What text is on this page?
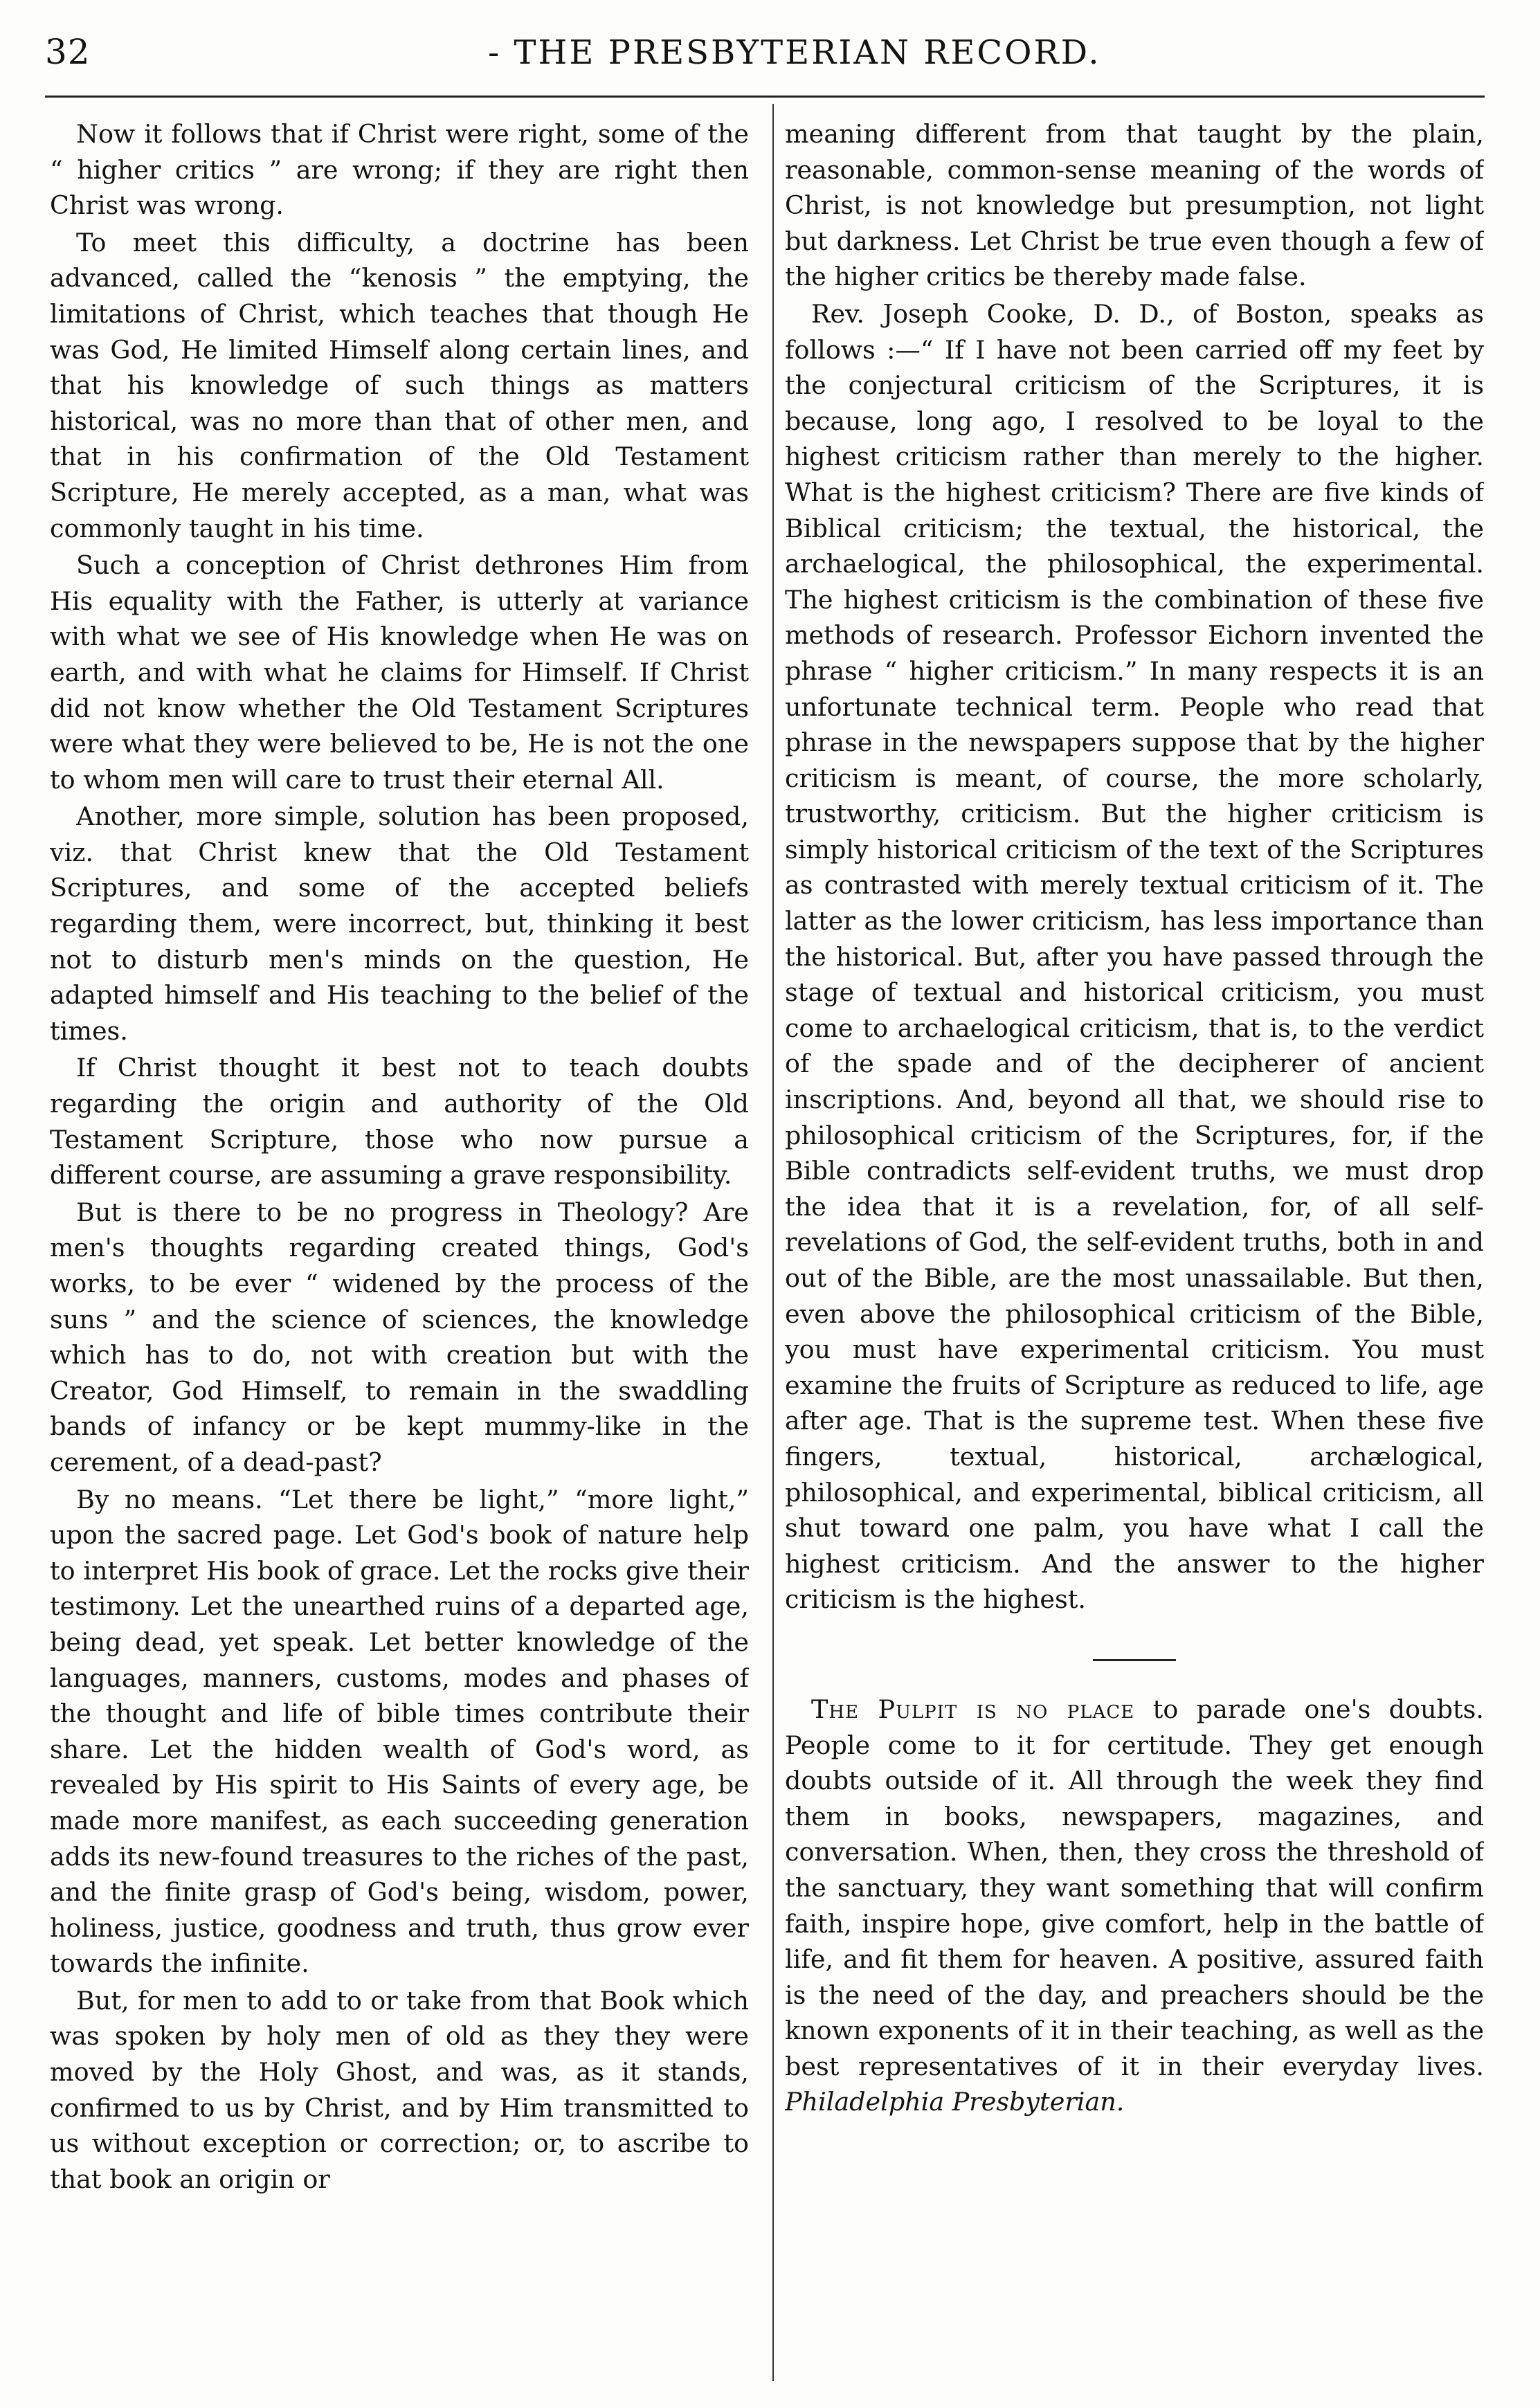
32	- THE PRESBYTERIAN RECORD.

Now it follows that if Christ were right, some of the “ higher critics ” are wrong; if they are right then Christ was wrong.

To meet this difficulty, a doctrine has been advanced, called the “kenosis ” the emptying, the limitations of Christ, which teaches that though He was God, He limited Himself along certain lines, and that his knowledge of such things as matters historical, was no more than that of other men, and that in his confirmation of the Old Testament Scripture, He merely accepted, as a man, what was commonly taught in his time.

Such a conception of Christ dethrones Him from His equality with the Father, is utterly at variance with what we see of His knowledge when He was on earth, and with what he claims for Himself. If Christ did not know whether the Old Testament Scriptures were what they were believed to be, He is not the one to whom men will care to trust their eternal All.

Another, more simple, solution has been proposed, viz. that Christ knew that the Old Testament Scriptures, and some of the accepted beliefs regarding them, were incorrect, but, thinking it best not to disturb men's minds on the question, He adapted himself and His teaching to the belief of the times.

If Christ thought it best not to teach doubts regarding the origin and authority of the Old Testament Scripture, those who now pursue a different course, are assuming a grave responsibility.

But is there to be no progress in Theology? Are men's thoughts regarding created things, God's works, to be ever “ widened by the process of the suns ” and the science of sciences, the knowledge which has to do, not with creation but with the Creator, God Himself, to remain in the swaddling bands of infancy or be kept mummy-like in the cerement, of a dead-past?

By no means. “Let there be light,” “more light,” upon the sacred page. Let God's book of nature help to interpret His book of grace. Let the rocks give their testimony. Let the unearthed ruins of a departed age, being dead, yet speak. Let better knowledge of the languages, manners, customs, modes and phases of the thought and life of bible times contribute their share. Let the hidden wealth of God's word, as revealed by His spirit to His Saints of every age, be made more manifest, as each succeeding generation adds its new-found treasures to the riches of the past, and the finite grasp of God's being, wisdom, power, holiness, justice, goodness and truth, thus grow ever towards the infinite.

But, for men to add to or take from that Book which was spoken by holy men of old as they they were moved by the Holy Ghost, and was, as it stands, confirmed to us by Christ, and by Him transmitted to us without exception or correction; or, to ascribe to that book an origin or

meaning different from that taught by the plain, reasonable, common-sense meaning of the words of Christ, is not knowledge but presumption, not light but darkness. Let Christ be true even though a few of the higher critics be thereby made false.

Rev. Joseph Cooke, D. D., of Boston, speaks as follows :—“ If I have not been carried off my feet by the conjectural criticism of the Scriptures, it is because, long ago, I resolved to be loyal to the highest criticism rather than merely to the higher. What is the highest criticism? There are five kinds of Biblical criticism; the textual, the historical, the archaelogical, the philosophical, the experimental. The highest criticism is the combination of these five methods of research. Professor Eichorn invented the phrase “ higher criticism.” In many respects it is an unfortunate technical term. People who read that phrase in the newspapers suppose that by the higher criticism is meant, of course, the more scholarly, trustworthy, criticism. But the higher criticism is simply historical criticism of the text of the Scriptures as contrasted with merely textual criticism of it. The latter as the lower criticism, has less importance than the historical. But, after you have passed through the stage of textual and historical criticism, you must come to archaelogical criticism, that is, to the verdict of the spade and of the decipherer of ancient inscriptions. And, beyond all that, we should rise to philosophical criticism of the Scriptures, for, if the Bible contradicts self-evident truths, we must drop the idea that it is a revelation, for, of all self-revelations of God, the self-evident truths, both in and out of the Bible, are the most unassailable. But then, even above the philosophical criticism of the Bible, you must have experimental criticism. You must examine the fruits of Scripture as reduced to life, age after age. That is the supreme test. When these five fingers, textual, historical, archælogical, philosophical, and experimental, biblical criticism, all shut toward one palm, you have what I call the highest criticism. And the answer to the higher criticism is the highest.

The Pulpit is no place to parade one's doubts. People come to it for certitude. They get enough doubts outside of it. All through the week they find them in books, newspapers, magazines, and conversation. When, then, they cross the threshold of the sanctuary, they want something that will confirm faith, inspire hope, give comfort, help in the battle of life, and fit them for heaven. A positive, assured faith is the need of the day, and preachers should be the known exponents of it in their teaching, as well as the best representatives of it in their everyday lives. Philadelphia Presbyterian.
